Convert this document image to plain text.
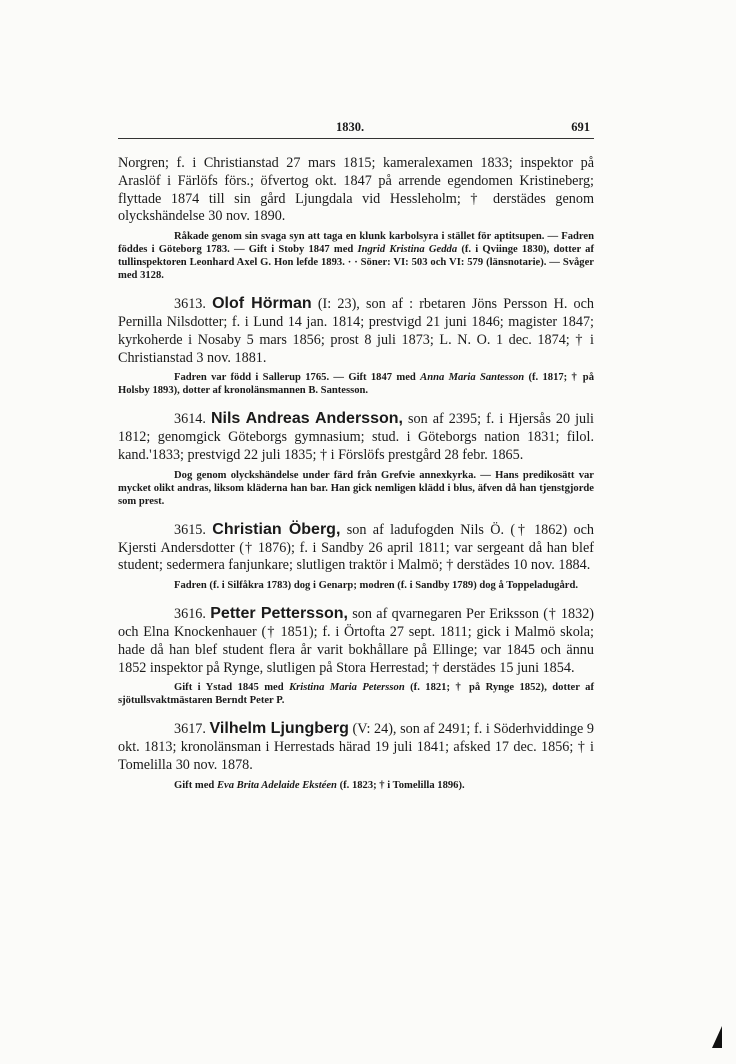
1830.	691

Norgren; f. i Christianstad 27 mars 1815; kameralexamen 1833; inspektor på Araslöf i Färlöfs förs.; öfvertog okt. 1847 på arrende egendomen Kristineberg; flyttade 1874 till sin gård Ljungdala vid Hessleholm; † derstädes genom olyckshändelse 30 nov. 1890.

Råkade genom sin svaga syn att taga en klunk karbolsyra i stället för aptitsupen. — Fadren föddes i Göteborg 1783. — Gift i Stoby 1847 med Ingrid Kristina Gedda (f. i Qviinge 1830), dotter af tullinspektoren Leonhard Axel G. Hon lefde 1893. · · Söner: VI: 503 och VI: 579 (länsnotarie). — Svåger med 3128.

3613. Olof Hörman (I: 23), son af : rbetaren Jöns Persson H. och Pernilla Nilsdotter; f. i Lund 14 jan. 1814; prestvigd 21 juni 1846; magister 1847; kyrkoherde i Nosaby 5 mars 1856; prost 8 juli 1873; L. N. O. 1 dec. 1874; † i Christianstad 3 nov. 1881.

Fadren var född i Sallerup 1765. — Gift 1847 med Anna Maria Santesson (f. 1817; † på Holsby 1893), dotter af kronolänsmannen B. Santesson.

3614. Nils Andreas Andersson, son af 2395; f. i Hjersås 20 juli 1812; genomgick Göteborgs gymnasium; stud. i Göteborgs nation 1831; filol. kand.'1833; prestvigd 22 juli 1835; † i Förslöfs prestgård 28 febr. 1865.

Dog genom olyckshändelse under färd från Grefvie annexkyrka. — Hans predikosätt var mycket olikt andras, liksom kläderna han bar. Han gick nemligen klädd i blus, äfven då han tjenstgjorde som prest.

3615. Christian Öberg, son af ladufogden Nils Ö. († 1862) och Kjersti Andersdotter († 1876); f. i Sandby 26 april 1811; var sergeant då han blef student; sedermera fanjunkare; slutligen traktör i Malmö; † derstädes 10 nov. 1884.

Fadren (f. i Silfåkra 1783) dog i Genarp; modren (f. i Sandby 1789) dog å Toppeladugård.

3616. Petter Pettersson, son af qvarnegaren Per Eriksson († 1832) och Elna Knockenhauer († 1851); f. i Örtofta 27 sept. 1811; gick i Malmö skola; hade då han blef student flera år varit bokhållare på Ellinge; var 1845 och ännu 1852 inspektor på Rynge, slutligen på Stora Herrestad; † derstädes 15 juni 1854.

Gift i Ystad 1845 med Kristina Maria Petersson (f. 1821; † på Rynge 1852), dotter af sjötullsvaktmästaren Berndt Peter P.

3617. Vilhelm Ljungberg (V: 24), son af 2491; f. i Söderhviddinge 9 okt. 1813; kronolänsman i Herrestads härad 19 juli 1841; afsked 17 dec. 1856; † i Tomelilla 30 nov. 1878.

Gift med Eva Brita Adelaide Ekstéen (f. 1823; † i Tomelilla 1896).
